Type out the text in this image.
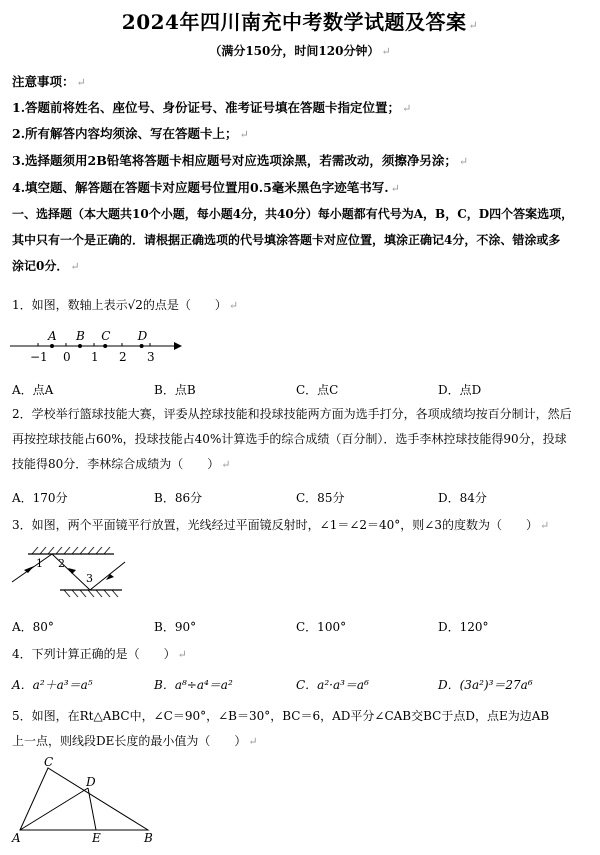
2024年四川南充中考数学试题及答案 ↵
（满分150分，时间120分钟） ↵
注意事项： ↵
1.答题前将姓名、座位号、身份证号、准考证号填在答题卡指定位置； ↵
2.所有解答内容均须涂、写在答题卡上； ↵
3.选择题须用2B铅笔将答题卡相应题号对应选项涂黑，若需改动，须擦净另涂； ↵
4.填空题、解答题在答题卡对应题号位置用0.5毫米黑色字迹笔书写. ↵
一、选择题（本大题共10个小题，每小题4分，共40分）每小题都有代号为A，B，C，D四个答案选项，
其中只有一个是正确的．请根据正确选项的代号填涂答题卡对应位置，填涂正确记4分，不涂、错涂或多
涂记0分． ↵
1．如图，数轴上表示√2的点是（　　） ↵
−1 0 1 2 3
A B C D
A．点A	B．点B	C．点C	D．点D
2．学校举行篮球技能大赛，评委从控球技能和投球技能两方面为选手打分，各项成绩均按百分制计，然后
再按控球技能占60%，投球技能占40%计算选手的综合成绩（百分制）．选手李林控球技能得90分，投球
技能得80分．李林综合成绩为（　　） ↵
A．170分	B．86分	C．85分	D．84分
3．如图，两个平面镜平行放置，光线经过平面镜反射时，∠1＝∠2＝40°，则∠3的度数为（　　） ↵
1 2
3
A．80°	B．90°	C．100°	D．120°
4．下列计算正确的是（　　） ↵
A．a²＋a³＝a⁵	B．a⁸÷a⁴＝a²	C．a²·a³＝a⁶	D．(3a²)³＝27a⁶
5．如图，在Rt△ABC中，∠C＝90°，∠B＝30°，BC＝6，AD平分∠CAB交BC于点D，点E为边AB
上一点，则线段DE长度的最小值为（　　） ↵
C
D
A	E	B
